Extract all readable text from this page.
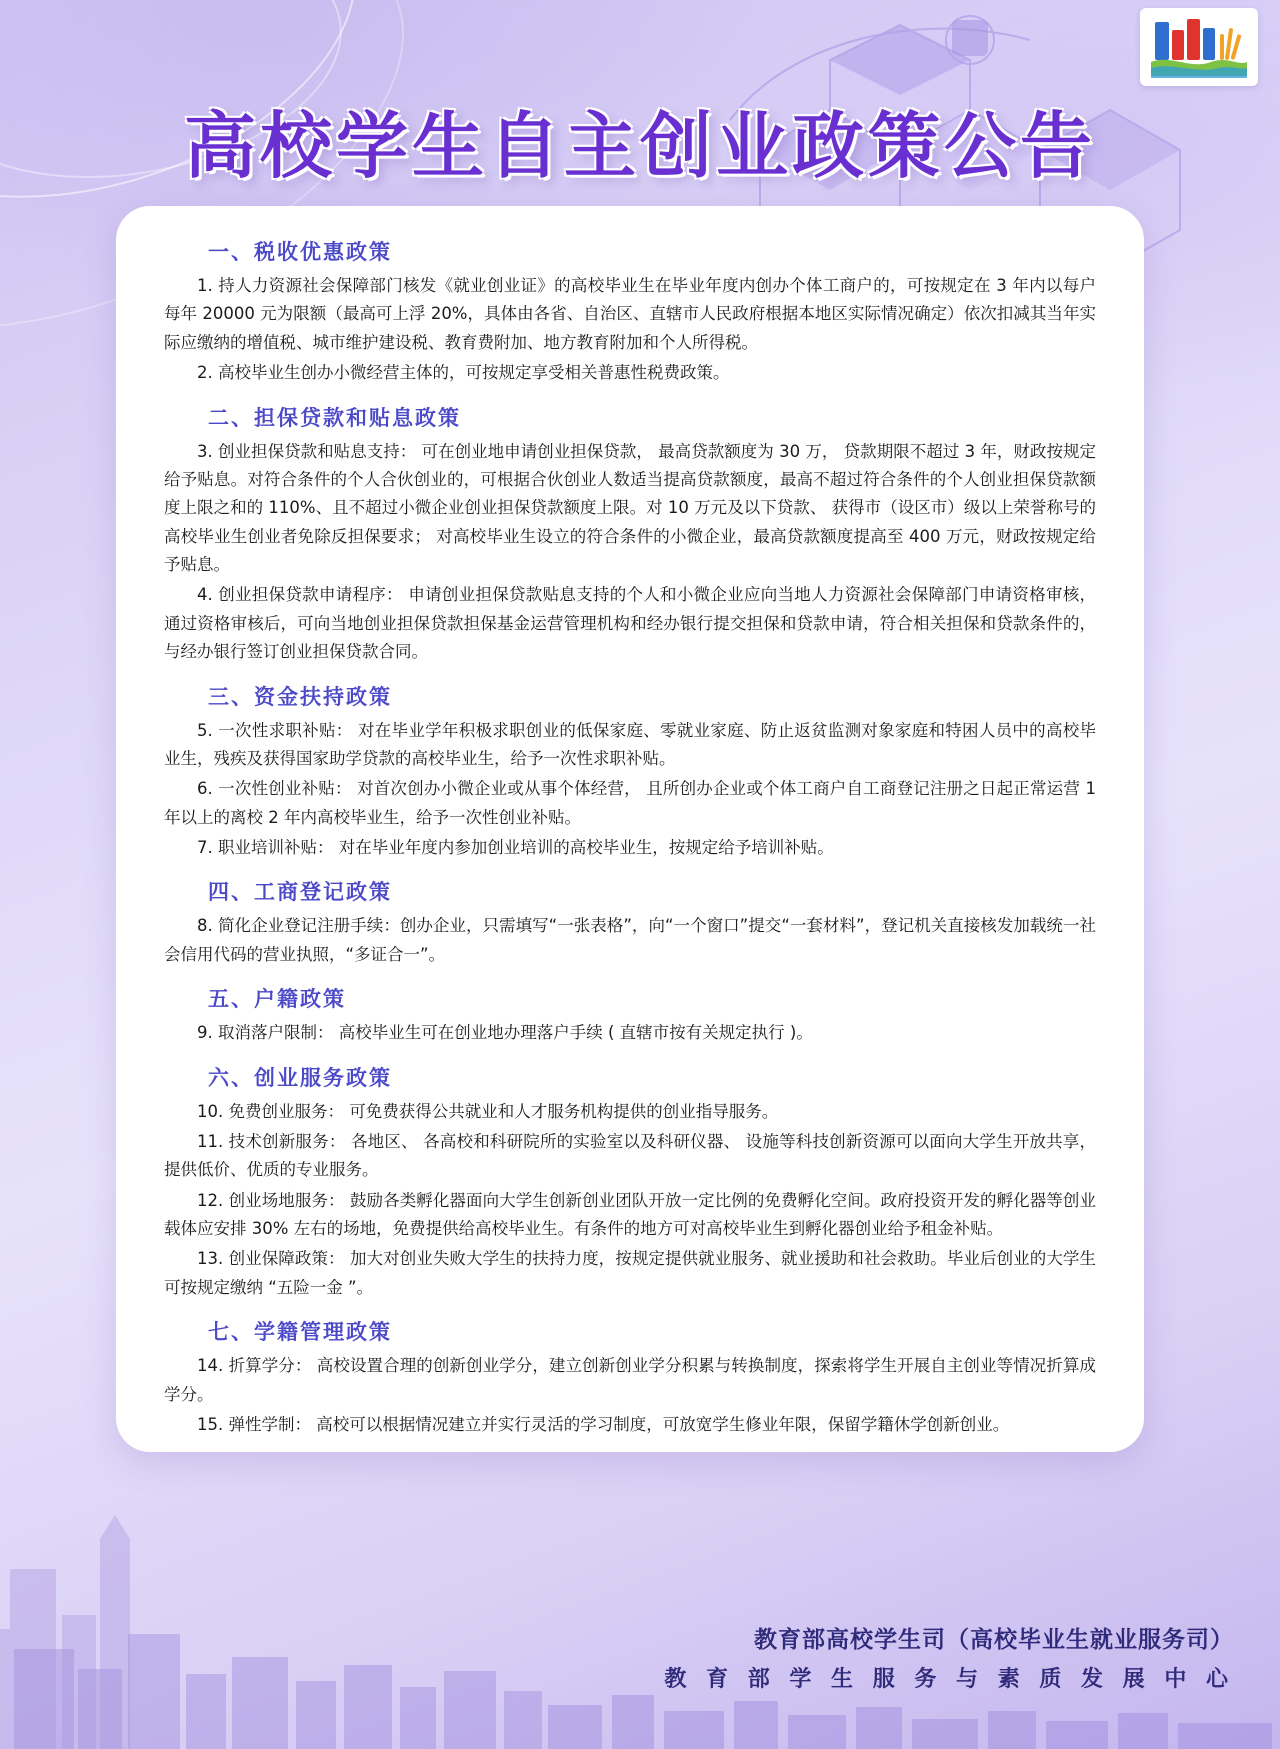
高校学生自主创业政策公告
一、税收优惠政策

1. 持人力资源社会保障部门核发《就业创业证》的高校毕业生在毕业年度内创办个体工商户的，可按规定在 3 年内以每户每年 20000 元为限额（最高可上浮 20%，具体由各省、自治区、直辖市人民政府根据本地区实际情况确定）依次扣减其当年实际应缴纳的增值税、城市维护建设税、教育费附加、地方教育附加和个人所得税。

2. 高校毕业生创办小微经营主体的，可按规定享受相关普惠性税费政策。

二、担保贷款和贴息政策

3. 创业担保贷款和贴息支持： 可在创业地申请创业担保贷款， 最高贷款额度为 30 万， 贷款期限不超过 3 年，财政按规定给予贴息。对符合条件的个人合伙创业的，可根据合伙创业人数适当提高贷款额度，最高不超过符合条件的个人创业担保贷款额度上限之和的 110%、且不超过小微企业创业担保贷款额度上限。对 10 万元及以下贷款、 获得市（设区市）级以上荣誉称号的高校毕业生创业者免除反担保要求； 对高校毕业生设立的符合条件的小微企业，最高贷款额度提高至 400 万元，财政按规定给予贴息。

4. 创业担保贷款申请程序： 申请创业担保贷款贴息支持的个人和小微企业应向当地人力资源社会保障部门申请资格审核，通过资格审核后，可向当地创业担保贷款担保基金运营管理机构和经办银行提交担保和贷款申请，符合相关担保和贷款条件的，与经办银行签订创业担保贷款合同。

三、资金扶持政策

5. 一次性求职补贴： 对在毕业学年积极求职创业的低保家庭、零就业家庭、防止返贫监测对象家庭和特困人员中的高校毕业生，残疾及获得国家助学贷款的高校毕业生，给予一次性求职补贴。

6. 一次性创业补贴： 对首次创办小微企业或从事个体经营， 且所创办企业或个体工商户自工商登记注册之日起正常运营 1 年以上的离校 2 年内高校毕业生，给予一次性创业补贴。

7. 职业培训补贴： 对在毕业年度内参加创业培训的高校毕业生，按规定给予培训补贴。

四、工商登记政策

8. 简化企业登记注册手续：创办企业，只需填写“一张表格”，向“一个窗口”提交“一套材料”，登记机关直接核发加载统一社会信用代码的营业执照，“多证合一”。

五、户籍政策

9. 取消落户限制： 高校毕业生可在创业地办理落户手续 ( 直辖市按有关规定执行 )。

六、创业服务政策

10. 免费创业服务： 可免费获得公共就业和人才服务机构提供的创业指导服务。

11. 技术创新服务： 各地区、 各高校和科研院所的实验室以及科研仪器、 设施等科技创新资源可以面向大学生开放共享，提供低价、优质的专业服务。

12. 创业场地服务： 鼓励各类孵化器面向大学生创新创业团队开放一定比例的免费孵化空间。政府投资开发的孵化器等创业载体应安排 30% 左右的场地，免费提供给高校毕业生。有条件的地方可对高校毕业生到孵化器创业给予租金补贴。

13. 创业保障政策： 加大对创业失败大学生的扶持力度，按规定提供就业服务、就业援助和社会救助。毕业后创业的大学生可按规定缴纳 “五险一金 ”。

七、学籍管理政策

14. 折算学分： 高校设置合理的创新创业学分，建立创新创业学分积累与转换制度，探索将学生开展自主创业等情况折算成学分。

15. 弹性学制： 高校可以根据情况建立并实行灵活的学习制度，可放宽学生修业年限，保留学籍休学创新创业。

教育部高校学生司（高校毕业生就业服务司）
教 育 部 学 生 服 务 与 素 质 发 展 中 心
